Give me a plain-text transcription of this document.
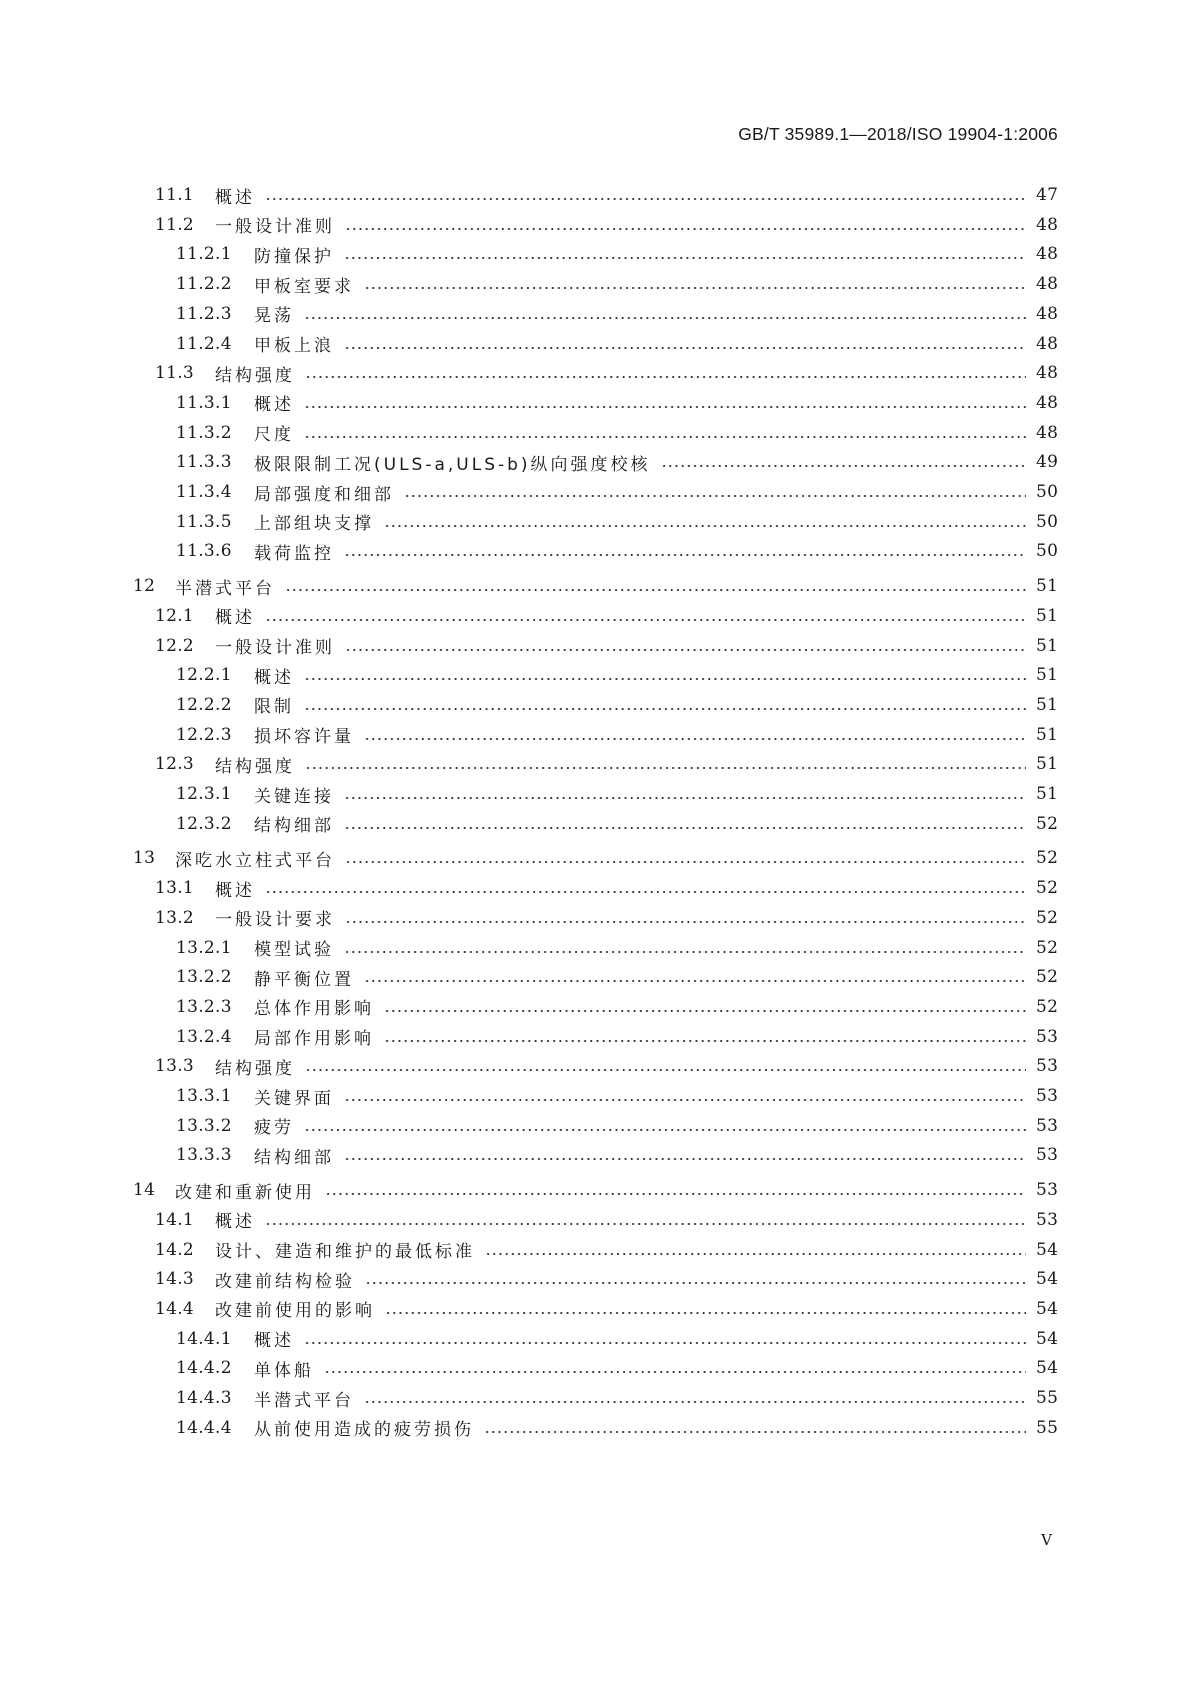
GB/T 35989.1—2018/ISO 19904-1:2006
11.1	概述	47
11.2	一般设计准则	48
11.2.1	防撞保护	48
11.2.2	甲板室要求	48
11.2.3	晃荡	48
11.2.4	甲板上浪	48
11.3	结构强度	48
11.3.1	概述	48
11.3.2	尺度	48
11.3.3	极限限制工况(ULS-a,ULS-b)纵向强度校核	49
11.3.4	局部强度和细部	50
11.3.5	上部组块支撑	50
11.3.6	载荷监控	50
12	半潜式平台	51
12.1	概述	51
12.2	一般设计准则	51
12.2.1	概述	51
12.2.2	限制	51
12.2.3	损坏容许量	51
12.3	结构强度	51
12.3.1	关键连接	51
12.3.2	结构细部	52
13	深吃水立柱式平台	52
13.1	概述	52
13.2	一般设计要求	52
13.2.1	模型试验	52
13.2.2	静平衡位置	52
13.2.3	总体作用影响	52
13.2.4	局部作用影响	53
13.3	结构强度	53
13.3.1	关键界面	53
13.3.2	疲劳	53
13.3.3	结构细部	53
14	改建和重新使用	53
14.1	概述	53
14.2	设计、建造和维护的最低标准	54
14.3	改建前结构检验	54
14.4	改建前使用的影响	54
14.4.1	概述	54
14.4.2	单体船	54
14.4.3	半潜式平台	55
14.4.4	从前使用造成的疲劳损伤	55
V
